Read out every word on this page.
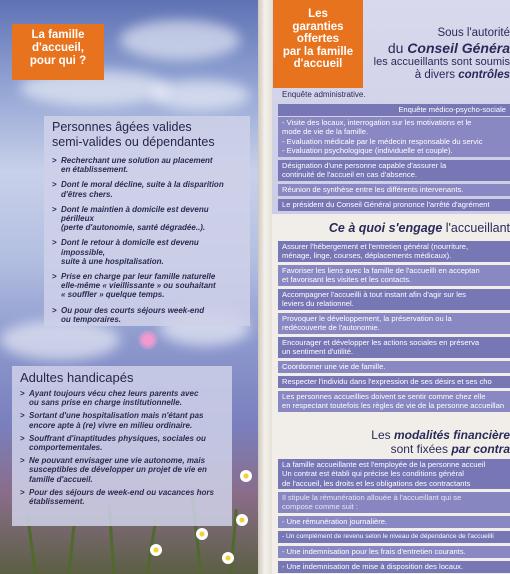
La famille
d'accueil,
pour qui ?
Personnes âgées valides
semi-valides ou dépendantes
> Recherchant une solution au placement
en établissement.
> Dont le moral décline, suite à la disparition
d'êtres chers.
> Dont le maintien à domicile est devenu périlleux
(perte d'autonomie, santé dégradée..).
> Dont le retour à domicile est devenu impossible,
suite à une hospitalisation.
> Prise en charge par leur famille naturelle
elle-même « vieillissante » ou souhaitant
« souffler » quelque temps.
> Ou pour des courts séjours week-end
ou temporaires.
Adultes handicapés
> Ayant toujours vécu chez leurs parents avec
ou sans prise en charge institutionnelle.
> Sortant d'une hospitalisation mais n'étant pas
encore apte à (re) vivre en milieu ordinaire.
> Souffrant d'inaptitudes physiques, sociales ou
comportementales.
> Ne pouvant envisager une vie autonome, mais
susceptibles de développer un projet de vie en
famille d'accueil.
> Pour des séjours de week-end ou vacances hors
établissement.
Les
garanties
offertes
par la famille
d'accueil
Sous l'autorité
du Conseil Généra
les accueillants sont soumis
à divers contrôles
Enquête administrative.
Enquête médico-psycho-sociale
- Visite des locaux, interrogation sur les motivations et le
mode de vie de la famille.
- Evaluation médicale par le médecin responsable du servic
- Evaluation psychologique (individuelle et couple).
Désignation d'une personne capable d'assurer la
continuité de l'accueil en cas d'absence.
Réunion de synthèse entre les différents intervenants.
Le président du Conseil Général prononce l'arrêté d'agrément
Ce à quoi s'engage l'accueillant
Assurer l'hébergement et l'entretien général (nourriture,
ménage, linge, courses, déplacements médicaux).
Favoriser les liens avec la famille de l'accueilli en acceptan
et favorisant les visites et les contacts.
Accompagner l'accueilli à tout instant afin d'agir sur les
leviers du relationnel.
Provoquer le développement, la préservation ou la
redécouverte de l'autonomie.
Encourager et développer les actions sociales en préserva
un sentiment d'utilité.
Coordonner une vie de famille.
Respecter l'individu dans l'expression de ses désirs et ses cho
Les personnes accueillies doivent se sentir comme chez elle
en respectant toutefois les règles de vie de la personne accueillan
Les modalités financière
sont fixées par contra
La famille accueillante est l'employée de la personne accueil
Un contrat est établi qui précise les conditions général
de l'accueil, les droits et les obligations des contractants
Il stipule la rémunération allouée à l'accueillant qui se
compose comme suit :
- Une rémunération journalière.
- Un complément de revenu selon le niveau de dépendance de l'accueilli
- Une indemnisation pour les frais d'entretien courants.
- Une indemnisation de mise à disposition des locaux.
